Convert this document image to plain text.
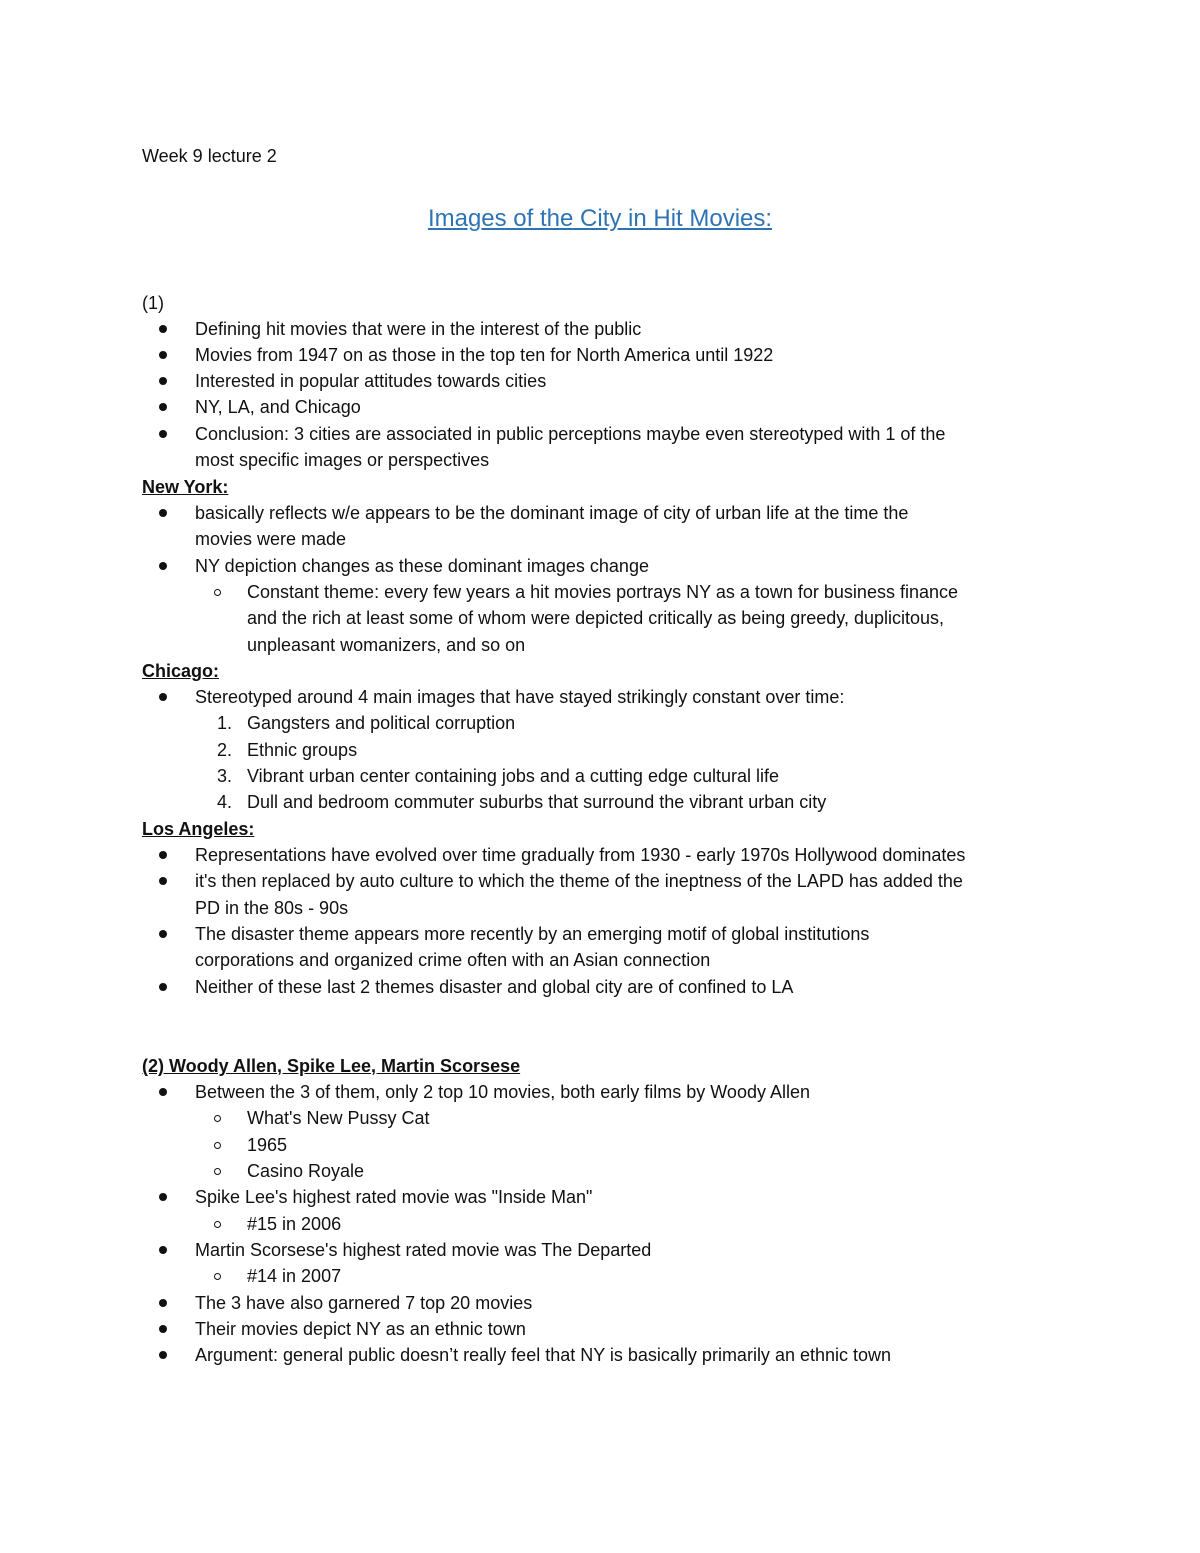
Week 9 lecture 2
Images of the City in Hit Movies:
(1)
Defining hit movies that were in the interest of the public
Movies from 1947 on as those in the top ten for North America until 1922
Interested in popular attitudes towards cities
NY, LA, and Chicago
Conclusion: 3 cities are associated in public perceptions maybe even stereotyped with 1 of the
most specific images or perspectives
New York:
basically reflects w/e appears to be the dominant image of city of urban life at the time the
movies were made
NY depiction changes as these dominant images change
Constant theme: every few years a hit movies portrays NY as a town for business finance
and the rich at least some of whom were depicted critically as being greedy, duplicitous,
unpleasant womanizers, and so on
Chicago:
Stereotyped around 4 main images that have stayed strikingly constant over time:
1. Gangsters and political corruption
2. Ethnic groups
3. Vibrant urban center containing jobs and a cutting edge cultural life
4. Dull and bedroom commuter suburbs that surround the vibrant urban city
Los Angeles:
Representations have evolved over time gradually from 1930 - early 1970s Hollywood dominates
it's then replaced by auto culture to which the theme of the ineptness of the LAPD has added the
PD in the 80s - 90s
The disaster theme appears more recently by an emerging motif of global institutions
corporations and organized crime often with an Asian connection
Neither of these last 2 themes disaster and global city are of confined to LA
(2) Woody Allen, Spike Lee, Martin Scorsese
Between the 3 of them, only 2 top 10 movies, both early films by Woody Allen
What's New Pussy Cat
1965
Casino Royale
Spike Lee's highest rated movie was "Inside Man"
#15 in 2006
Martin Scorsese's highest rated movie was The Departed
#14 in 2007
The 3 have also garnered 7 top 20 movies
Their movies depict NY as an ethnic town
Argument: general public doesn’t really feel that NY is basically primarily an ethnic town
